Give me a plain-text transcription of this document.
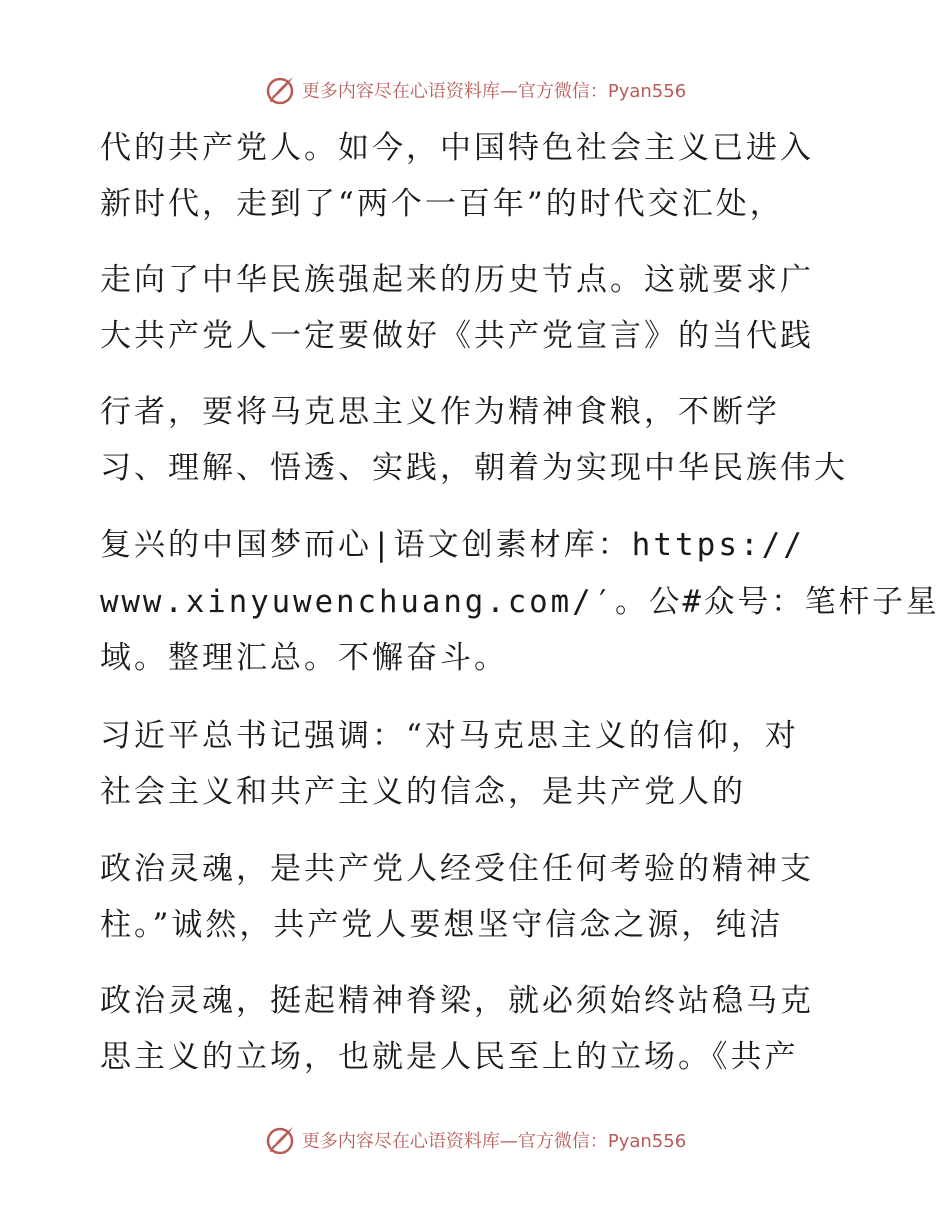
更多内容尽在心语资料库—官方微信：Pyan556
代的共产党人。如今，中国特色社会主义已进入
新时代，走到了“两个一百年”的时代交汇处，
走向了中华民族强起来的历史节点。这就要求广
大共产党人一定要做好《共产党宣言》的当代践
行者，要将马克思主义作为精神食粮，不断学
习、理解、悟透、实践，朝着为实现中华民族伟大
复兴的中国梦而心|语文创素材库：https://
www.xinyuwenchuang.com/′。公#众号：笔杆子星
域。整理汇总。不懈奋斗。
习近平总书记强调：“对马克思主义的信仰，对
社会主义和共产主义的信念，是共产党人的
政治灵魂，是共产党人经受住任何考验的精神支
柱。”诚然，共产党人要想坚守信念之源，纯洁
政治灵魂，挺起精神脊梁，就必须始终站稳马克
思主义的立场，也就是人民至上的立场。《共产
更多内容尽在心语资料库—官方微信：Pyan556
